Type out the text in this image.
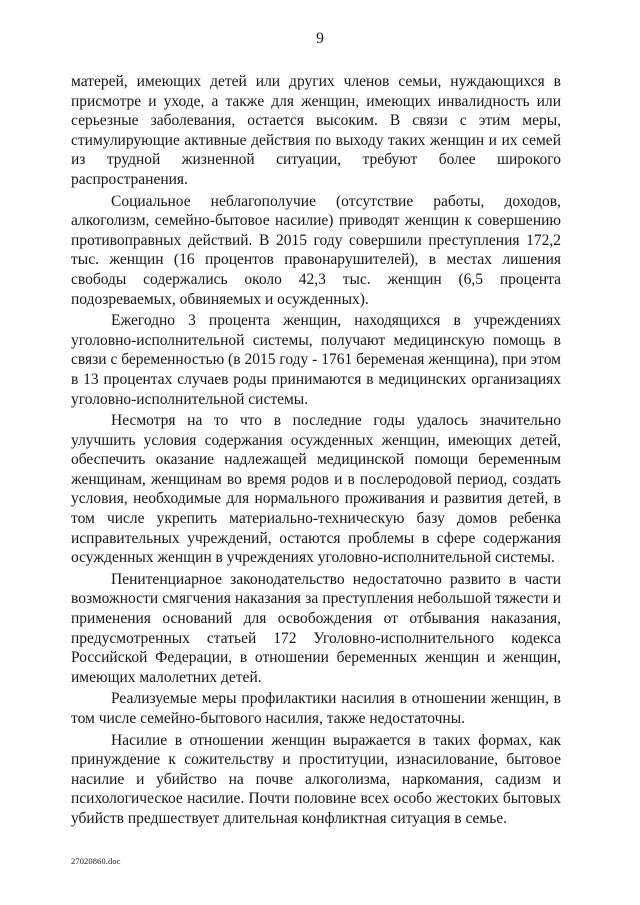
9

матерей, имеющих детей или других членов семьи, нуждающихся в присмотре и уходе, а также для женщин, имеющих инвалидность или серьезные заболевания, остается высоким. В связи с этим меры, стимулирующие активные действия по выходу таких женщин и их семей из трудной жизненной ситуации, требуют более широкого распространения.

Социальное неблагополучие (отсутствие работы, доходов, алкоголизм, семейно-бытовое насилие) приводят женщин к совершению противоправных действий. В 2015 году совершили преступления 172,2 тыс. женщин (16 процентов правонарушителей), в местах лишения свободы содержались около 42,3 тыс. женщин (6,5 процента подозреваемых, обвиняемых и осужденных).

Ежегодно 3 процента женщин, находящихся в учреждениях уголовно-исполнительной системы, получают медицинскую помощь в связи с беременностью (в 2015 году - 1761 беременая женщина), при этом в 13 процентах случаев роды принимаются в медицинских организациях уголовно-исполнительной системы.

Несмотря на то что в последние годы удалось значительно улучшить условия содержания осужденных женщин, имеющих детей, обеспечить оказание надлежащей медицинской помощи беременным женщинам, женщинам во время родов и в послеродовой период, создать условия, необходимые для нормального проживания и развития детей, в том числе укрепить материально-техническую базу домов ребенка исправительных учреждений, остаются проблемы в сфере содержания осужденных женщин в учреждениях уголовно-исполнительной системы.

Пенитенциарное законодательство недостаточно развито в части возможности смягчения наказания за преступления небольшой тяжести и применения оснований для освобождения от отбывания наказания, предусмотренных статьей 172 Уголовно-исполнительного кодекса Российской Федерации, в отношении беременных женщин и женщин, имеющих малолетних детей.

Реализуемые меры профилактики насилия в отношении женщин, в том числе семейно-бытового насилия, также недостаточны.

Насилие в отношении женщин выражается в таких формах, как принуждение к сожительству и проституции, изнасилование, бытовое насилие и убийство на почве алкоголизма, наркомания, садизм и психологическое насилие. Почти половине всех особо жестоких бытовых убийств предшествует длительная конфликтная ситуация в семье.

27020860.doc
